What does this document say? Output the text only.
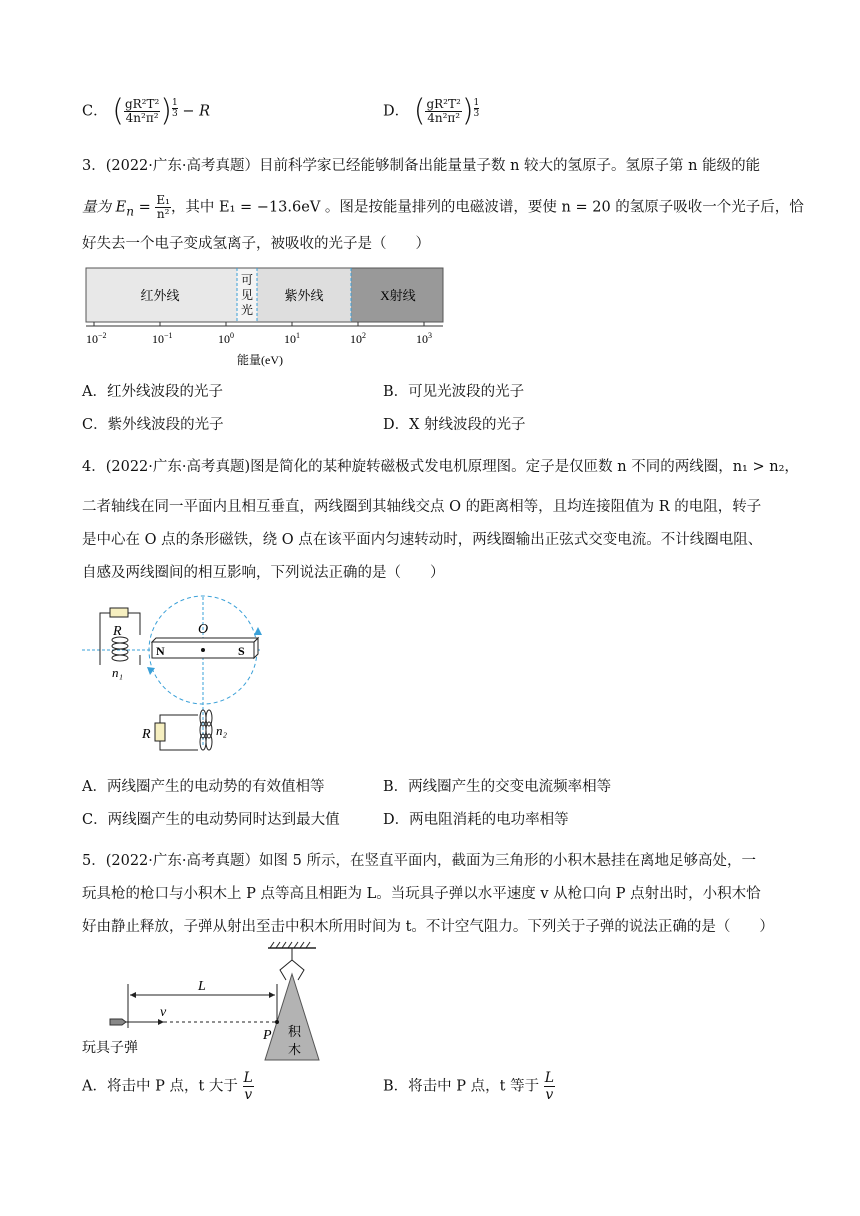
C． ( $\frac{\text{gR²T²}}{\text{4n²π²}}$ ) $\frac{1}{3} - R$	D． ( $\frac{\text{gR²T²}}{\text{4n²π²}}$ ) $\frac{1}{3}$
3．(2022·广东·高考真题）目前科学家已经能够制备出能量量子数 n 较大的氢原子。氢原子第 n 能级的能
量为 $E_n = \frac{\text{E₁}}{\text{n²}}$ ，其中 E₁ = −13.6eV 。图是按能量排列的电磁波谱，要使 n = 20 的氢原子吸收一个光子后，恰
好失去一个电子变成氢离子，被吸收的光子是（　　）
红外线
可
见
光
紫外线	X射线
$10^{-2}$	$10^{-1}$	$10^0$	$10^1$	$10^2$	$10^3$
能量(eV)
A．红外线波段的光子	B．可见光波段的光子
C．紫外线波段的光子	D．X 射线波段的光子
4．(2022·广东·高考真题)图是简化的某种旋转磁极式发电机原理图。定子是仅匝数 n 不同的两线圈，n₁ > n₂，
二者轴线在同一平面内且相互垂直，两线圈到其轴线交点 O 的距离相等，且均连接阻值为 R 的电阻，转子
是中心在 O 点的条形磁铁，绕 O 点在该平面内匀速转动时，两线圈输出正弦式交变电流。不计线圈电阻、
自感及两线圈间的相互影响，下列说法正确的是（　　）
N	S
O
R
n₁
R	n₂
A．两线圈产生的电动势的有效值相等	B．两线圈产生的交变电流频率相等
C．两线圈产生的电动势同时达到最大值	D．两电阻消耗的电功率相等
5．(2022·广东·高考真题）如图 5 所示，在竖直平面内，截面为三角形的小积木悬挂在离地足够高处，一
玩具枪的枪口与小积木上 P 点等高且相距为 L。当玩具子弹以水平速度 v 从枪口向 P 点射出时，小积木恰
好由静止释放，子弹从射出至击中积木所用时间为 t。不计空气阻力。下列关于子弹的说法正确的是（　　）
积
木
L
v
P
玩具子弹
A．将击中 P 点，t 大于 $\frac{L}{v}$	B．将击中 P 点，t 等于 $\frac{L}{v}$
